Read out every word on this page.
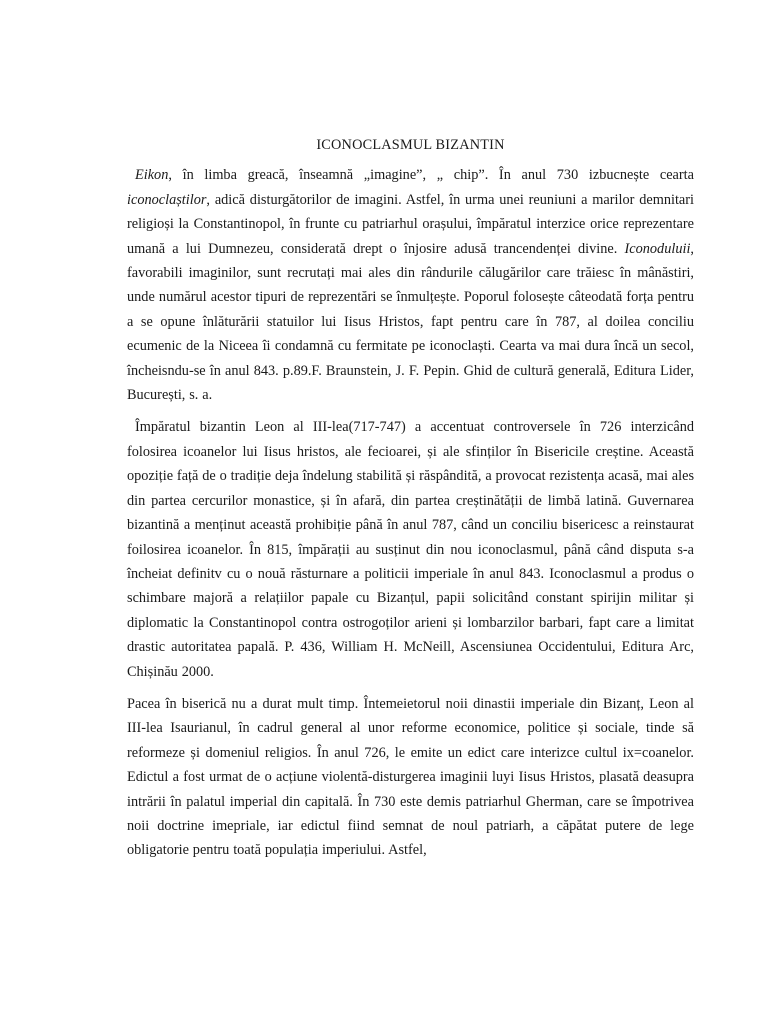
ICONOCLASMUL BIZANTIN

Eikon, în limba greacă, înseamnă „imagine”, „ chip”. În anul 730 izbucnește cearta iconoclaștilor, adică disturgătorilor de imagini. Astfel, în urma unei reuniuni a marilor demnitari religioși la Constantinopol, în frunte cu patriarhul orașului, împăratul interzice orice reprezentare umană a lui Dumnezeu, considerată drept o înjosire adusă trancendenței divine. Iconoduluii, favorabili imaginilor, sunt recrutați mai ales din rândurile călugărilor care trăiesc în mânăstiri, unde numărul acestor tipuri de reprezentări se înmulțește. Poporul folosește câteodată forța pentru a se opune înlăturării statuilor lui Iisus Hristos, fapt pentru care în 787, al doilea conciliu ecumenic de la Niceea îi condamnă cu fermitate pe iconoclaști. Cearta va mai dura încă un secol, încheisndu-se în anul 843. p.89.F. Braunstein, J. F. Pepin. Ghid de cultură generală, Editura Lider, București, s. a.

Împăratul bizantin Leon al III-lea(717-747) a accentuat controversele în 726 interzicând folosirea icoanelor lui Iisus hristos, ale fecioarei, și ale sfinților în Bisericile creștine. Această opoziție față de o tradiție deja îndelung stabilită și răspândită, a provocat rezistența acasă, mai ales din partea cercurilor monastice, și în afară, din partea creștinătății de limbă latină. Guvernarea bizantină a menținut această prohibiție până în anul 787, când un conciliu bisericesc a reinstaurat foilosirea icoanelor. În 815, împărații au susținut din nou iconoclasmul, până când disputa s-a încheiat definitv cu o nouă răsturnare a politicii imperiale în anul 843. Iconoclasmul a produs o schimbare majoră a relațiilor papale cu Bizanțul, papii solicitând constant spirijin militar și diplomatic la Constantinopol contra ostrogoților arieni și lombarzilor barbari, fapt care a limitat drastic autoritatea papală. P. 436, William H. McNeill, Ascensiunea Occidentului, Editura Arc, Chișinău 2000.

Pacea în biserică nu a durat mult timp. Întemeietorul noii dinastii imperiale din Bizanț, Leon al III-lea Isaurianul, în cadrul general al unor reforme economice, politice și sociale, tinde să reformeze și domeniul religios. În anul 726, le emite un edict care interizce cultul ix=coanelor. Edictul a fost urmat de o acțiune violentă-disturgerea imaginii luyi Iisus Hristos, plasată deasupra intrării în palatul imperial din capitală. În 730 este demis patriarhul Gherman, care se împotrivea noii doctrine imepriale, iar edictul fiind semnat de noul patriarh, a căpătat putere de lege obligatorie pentru toată populația imperiului. Astfel,
